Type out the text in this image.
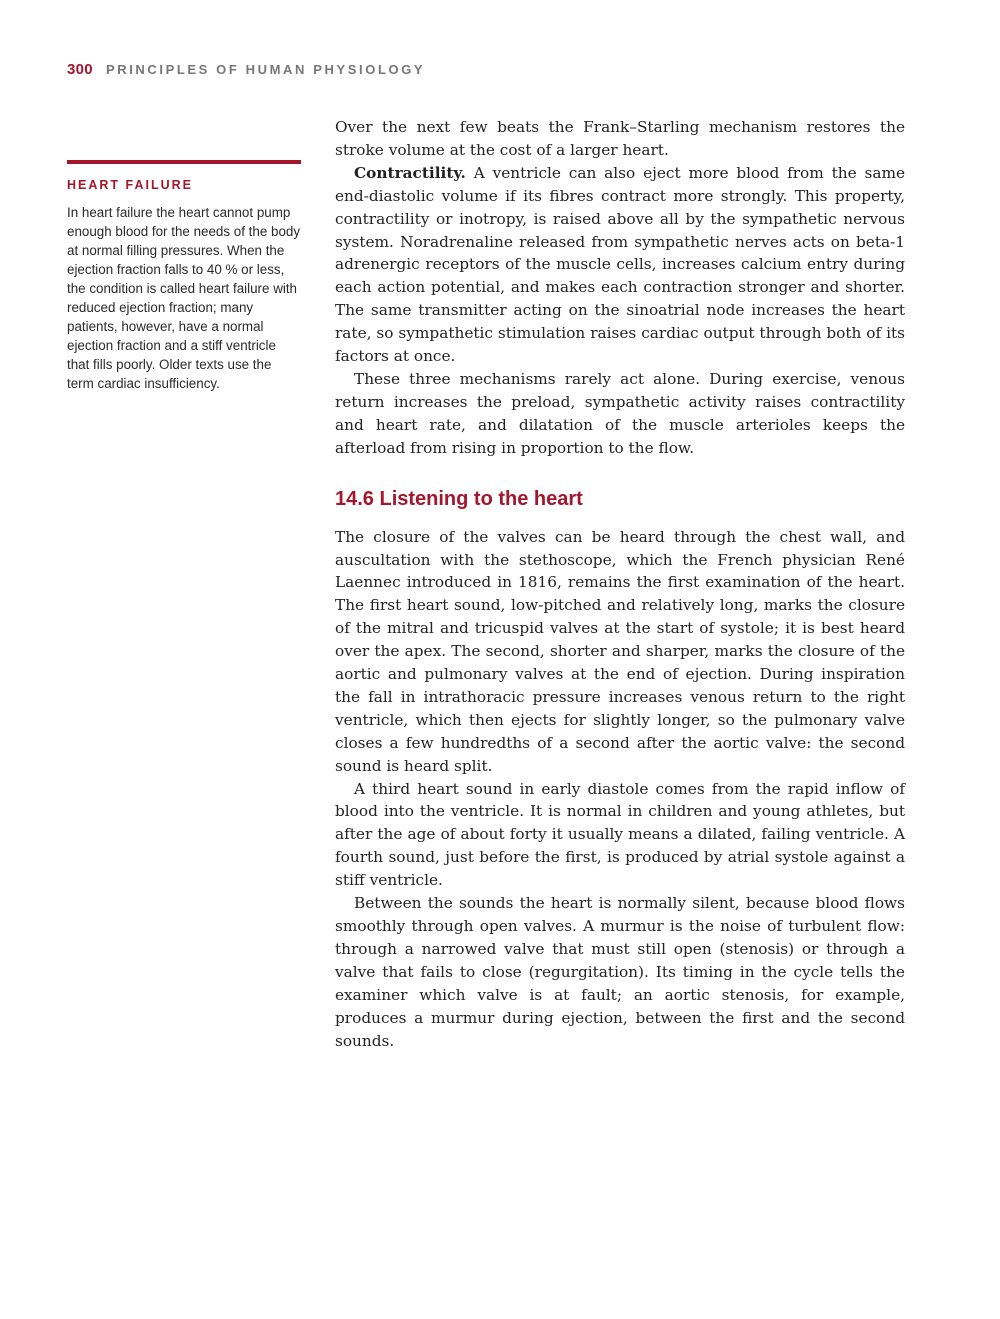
300 PRINCIPLES OF HUMAN PHYSIOLOGY
HEART FAILURE

In heart failure the heart cannot pump enough blood for the needs of the body at normal filling pressures. When the ejection fraction falls to 40 % or less, the condition is called heart failure with reduced ejection fraction; many patients, however, have a normal ejection fraction and a stiff ventricle that fills poorly. Older texts use the term cardiac insufficiency.

Over the next few beats the Frank–Starling mechanism restores the stroke volume at the cost of a larger heart.

Contractility. A ventricle can also eject more blood from the same end-diastolic volume if its fibres contract more strongly. This property, contractility or inotropy, is raised above all by the sympathetic nervous system. Noradrenaline released from sympathetic nerves acts on beta-1 adrenergic receptors of the muscle cells, increases calcium entry during each action potential, and makes each contraction stronger and shorter. The same transmitter acting on the sinoatrial node increases the heart rate, so sympathetic stimulation raises cardiac output through both of its factors at once.

These three mechanisms rarely act alone. During exercise, venous return increases the preload, sympathetic activity raises contractility and heart rate, and dilatation of the muscle arterioles keeps the afterload from rising in proportion to the flow.

14.6 Listening to the heart

The closure of the valves can be heard through the chest wall, and auscultation with the stethoscope, which the French physician René Laennec introduced in 1816, remains the first examination of the heart. The first heart sound, low-pitched and relatively long, marks the closure of the mitral and tricuspid valves at the start of systole; it is best heard over the apex. The second, shorter and sharper, marks the closure of the aortic and pulmonary valves at the end of ejection. During inspiration the fall in intrathoracic pressure increases venous return to the right ventricle, which then ejects for slightly longer, so the pulmonary valve closes a few hundredths of a second after the aortic valve: the second sound is heard split.

A third heart sound in early diastole comes from the rapid inflow of blood into the ventricle. It is normal in children and young athletes, but after the age of about forty it usually means a dilated, failing ventricle. A fourth sound, just before the first, is produced by atrial systole against a stiff ventricle.

Between the sounds the heart is normally silent, because blood flows smoothly through open valves. A murmur is the noise of turbulent flow: through a narrowed valve that must still open (stenosis) or through a valve that fails to close (regurgitation). Its timing in the cycle tells the examiner which valve is at fault; an aortic stenosis, for example, produces a murmur during ejection, between the first and the second sounds.
